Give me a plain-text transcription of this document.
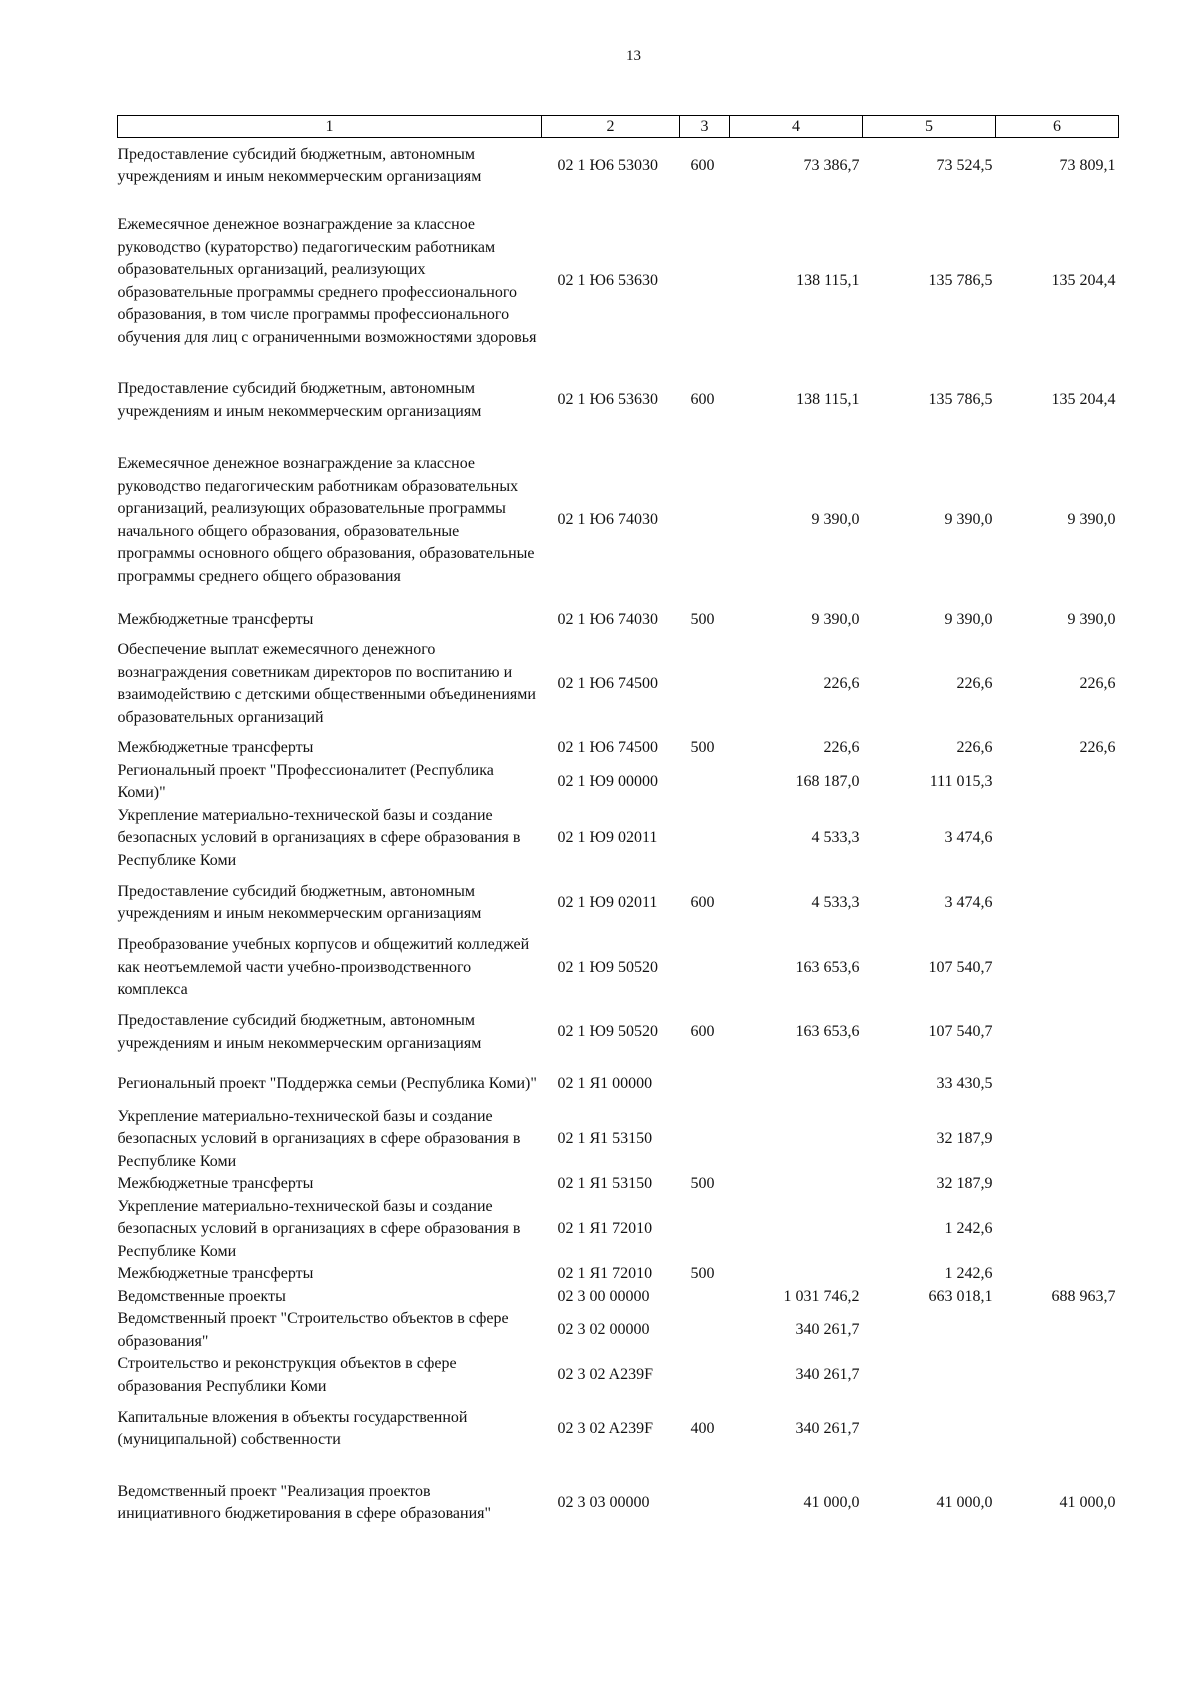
13
1	2	3	4	5	6
Предоставление субсидий бюджетным, автономным учреждениям и иным некоммерческим организациям	02 1 Ю6 53030	600	73 386,7	73 524,5	73 809,1
Ежемесячное денежное вознаграждение за классное руководство (кураторство) педагогическим работникам образовательных организаций, реализующих образовательные программы среднего профессионального образования, в том числе программы профессионального обучения для лиц с ограниченными возможностями здоровья	02 1 Ю6 53630		138 115,1	135 786,5	135 204,4
Предоставление субсидий бюджетным, автономным учреждениям и иным некоммерческим организациям	02 1 Ю6 53630	600	138 115,1	135 786,5	135 204,4
Ежемесячное денежное вознаграждение за классное руководство педагогическим работникам образовательных организаций, реализующих образовательные программы начального общего образования, образовательные программы основного общего образования, образовательные программы среднего общего образования	02 1 Ю6 74030		9 390,0	9 390,0	9 390,0
Межбюджетные трансферты	02 1 Ю6 74030	500	9 390,0	9 390,0	9 390,0
Обеспечение выплат ежемесячного денежного вознаграждения советникам директоров по воспитанию и взаимодействию с детскими общественными объединениями образовательных организаций	02 1 Ю6 74500		226,6	226,6	226,6
Межбюджетные трансферты	02 1 Ю6 74500	500	226,6	226,6	226,6
Региональный проект "Профессионалитет (Республика Коми)"	02 1 Ю9 00000		168 187,0	111 015,3	
Укрепление материально-технической базы и создание безопасных условий в организациях в сфере образования в Республике Коми	02 1 Ю9 02011		4 533,3	3 474,6	
Предоставление субсидий бюджетным, автономным учреждениям и иным некоммерческим организациям	02 1 Ю9 02011	600	4 533,3	3 474,6	
Преобразование учебных корпусов и общежитий колледжей как неотъемлемой части учебно-производственного комплекса	02 1 Ю9 50520		163 653,6	107 540,7	
Предоставление субсидий бюджетным, автономным учреждениям и иным некоммерческим организациям	02 1 Ю9 50520	600	163 653,6	107 540,7	
Региональный проект "Поддержка семьи (Республика Коми)"	02 1 Я1 00000			33 430,5	
Укрепление материально-технической базы и создание безопасных условий в организациях в сфере образования в Республике Коми	02 1 Я1 53150			32 187,9	
Межбюджетные трансферты	02 1 Я1 53150	500		32 187,9	
Укрепление материально-технической базы и создание безопасных условий в организациях в сфере образования в Республике Коми	02 1 Я1 72010			1 242,6	
Межбюджетные трансферты	02 1 Я1 72010	500		1 242,6	
Ведомственные проекты	02 3 00 00000		1 031 746,2	663 018,1	688 963,7
Ведомственный проект "Строительство объектов в сфере образования"	02 3 02 00000		340 261,7		
Строительство и реконструкция объектов в сфере образования Республики Коми	02 3 02 A239F		340 261,7		
Капитальные вложения в объекты государственной (муниципальной) собственности	02 3 02 A239F	400	340 261,7		
Ведомственный проект "Реализация проектов инициативного бюджетирования в сфере образования"	02 3 03 00000		41 000,0	41 000,0	41 000,0
